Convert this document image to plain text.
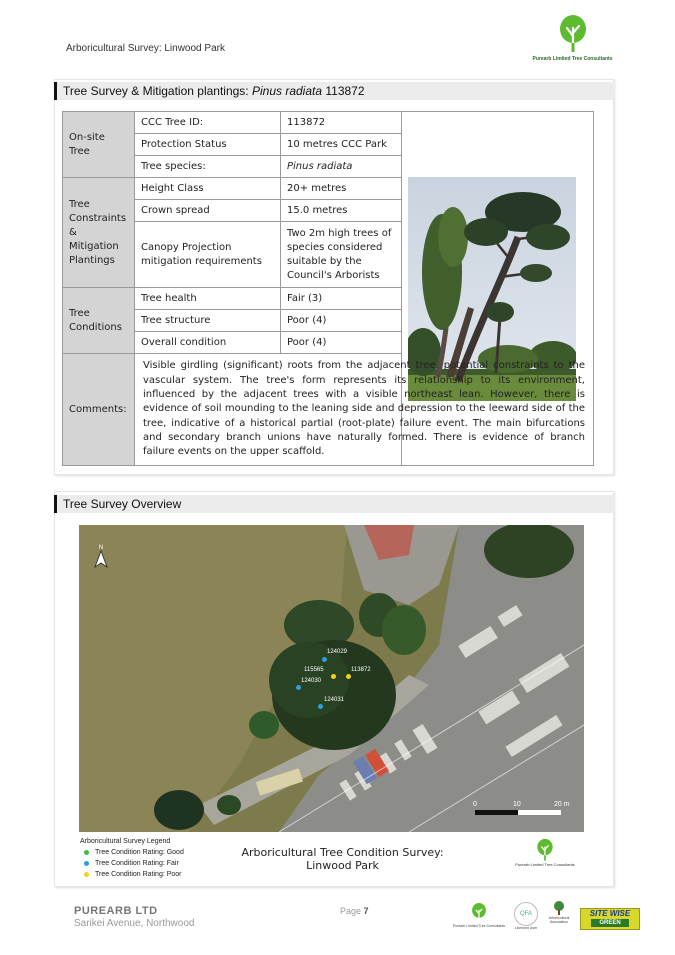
Arboricultural Survey: Linwood Park
Purearb Limited Tree Consultants
Tree Survey & Mitigation plantings: Pinus radiata 113872
On-site Tree	CCC Tree ID:	113872	

	Protection Status	10 metres CCC Park	
	Tree species:	Pinus radiata	
Tree Constraints & Mitigation Plantings	Height Class	20+ metres	
	Crown spread	15.0 metres	
	Canopy Projection mitigation requirements	Two 2m high trees of species considered suitable by the Council's Arborists	
Tree Conditions	Tree health	Fair (3)	
	Tree structure	Poor (4)	
	Overall condition	Poor (4)	
Comments:	Visible girdling (significant) roots from the adjacent tree, potential constraints to the vascular system. The tree's form represents its relationship to its environment, influenced by the adjacent trees with a visible northeast lean. However, there is evidence of soil mounding to the leaning side and depression to the leeward side of the tree, indicative of a historical partial (root-plate) failure event. The main bifurcations and secondary branch unions have naturally formed. There is evidence of branch failure events on the upper scaffold.		
Tree Survey Overview
N
124029
115565	113872
124030
124031
0	10	20 m
Arboricultural Survey Legend
Tree Condition Rating: Good
Tree Condition Rating: Fair
Tree Condition Rating: Poor
Arboricultural Tree Condition Survey:
Linwood Park	Purearb Limited Tree Consultants
PUREARB LTD
Sarikei Avenue, Northwood
Page 7
Purearb Limited Tree Consultants
QFA
Licensed User
Arboricultural Association
SITE WISE
GREEN
